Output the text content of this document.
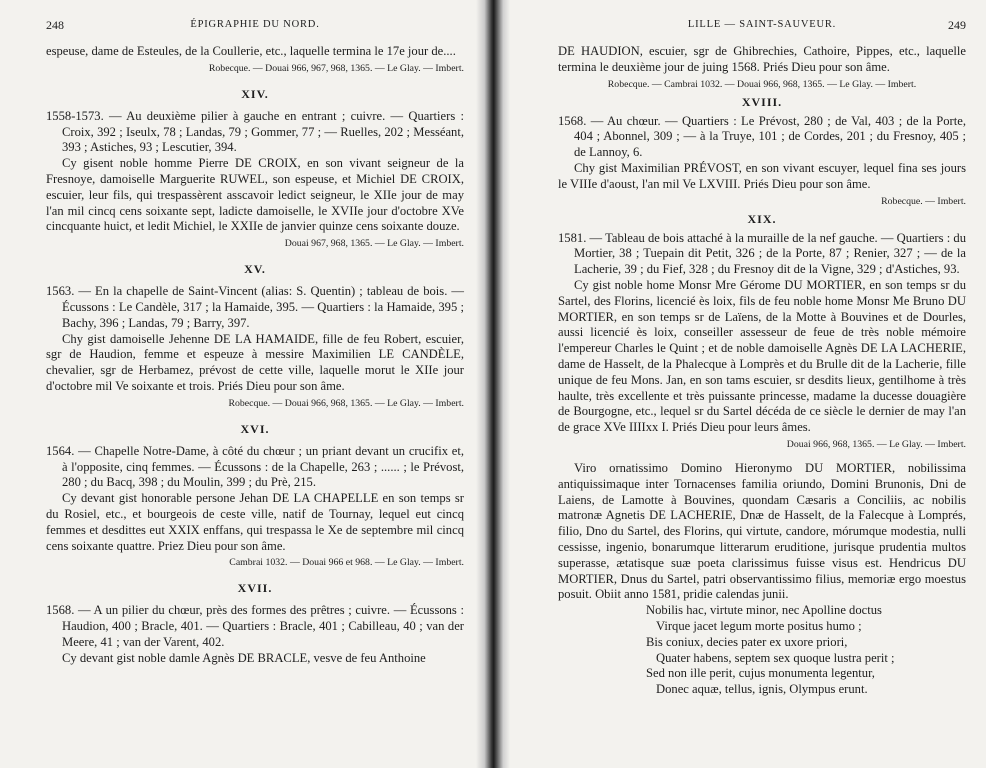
248	ÉPIGRAPHIE DU NORD.

espeuse, dame de Esteules, de la Coullerie, etc., laquelle termina le 17e jour de....

Robecque. — Douai 966, 967, 968, 1365. — Le Glay. — Imbert.

XIV.

1558-1573. — Au deuxième pilier à gauche en entrant ; cuivre. — Quartiers : Croix, 392 ; Iseulx, 78 ; Landas, 79 ; Gommer, 77 ; — Ruelles, 202 ; Messéant, 393 ; Astiches, 93 ; Lescutier, 394.

Cy gisent noble homme Pierre DE CROIX, en son vivant seigneur de la Fresnoye, damoiselle Marguerite RUWEL, son espeuse, et Michiel DE CROIX, escuier, leur fils, qui trespassèrent asscavoir ledict seigneur, le XIIe jour de may l'an mil cincq cens soixante sept, ladicte damoiselle, le XVIIe jour d'octobre XVe cincquante huict, et ledit Michiel, le XXIIe de janvier quinze cens soixante douze.

Douai 967, 968, 1365. — Le Glay. — Imbert.

XV.

1563. — En la chapelle de Saint-Vincent (alias: S. Quentin) ; tableau de bois. — Écussons : Le Candèle, 317 ; la Hamaide, 395. — Quartiers : la Hamaide, 395 ; Bachy, 396 ; Landas, 79 ; Barry, 397.

Chy gist damoiselle Jehenne DE LA HAMAIDE, fille de feu Robert, escuier, sgr de Haudion, femme et espeuze à messire Maximilien LE CANDÈLE, chevalier, sgr de Herbamez, prévost de cette ville, laquelle morut le XIIe jour d'octobre mil Ve soixante et trois. Priés Dieu pour son âme.

Robecque. — Douai 966, 968, 1365. — Le Glay. — Imbert.

XVI.

1564. — Chapelle Notre-Dame, à côté du chœur ; un priant devant un crucifix et, à l'opposite, cinq femmes. — Écussons : de la Chapelle, 263 ; ...... ; le Prévost, 280 ; du Bacq, 398 ; du Moulin, 399 ; du Prè, 215.

Cy devant gist honorable persone Jehan DE LA CHAPELLE en son temps sr du Rosiel, etc., et bourgeois de ceste ville, natif de Tournay, lequel eut cincq femmes et desdittes eut XXIX enffans, qui trespassa le Xe de septembre mil cincq cens soixante quattre. Priez Dieu pour son âme.

Cambrai 1032. — Douai 966 et 968. — Le Glay. — Imbert.

XVII.

1568. — A un pilier du chœur, près des formes des prêtres ; cuivre. — Écussons : Haudion, 400 ; Bracle, 401. — Quartiers : Bracle, 401 ; Cabilleau, 40 ; van der Meere, 41 ; van der Varent, 402.

Cy devant gist noble damle Agnès DE BRACLE, vesve de feu Anthoine

LILLE — SAINT-SAUVEUR.	249

DE HAUDION, escuier, sgr de Ghibrechies, Cathoire, Pippes, etc., laquelle termina le deuxième jour de juing 1568. Priés Dieu pour son âme.

Robecque. — Cambrai 1032. — Douai 966, 968, 1365. — Le Glay. — Imbert.

XVIII.

1568. — Au chœur. — Quartiers : Le Prévost, 280 ; de Val, 403 ; de la Porte, 404 ; Abonnel, 309 ; — à la Truye, 101 ; de Cordes, 201 ; du Fresnoy, 405 ; de Lannoy, 6.

Chy gist Maximilian PRÉVOST, en son vivant escuyer, lequel fina ses jours le VIIIe d'aoust, l'an mil Ve LXVIII. Priés Dieu pour son âme.

Robecque. — Imbert.

XIX.

1581. — Tableau de bois attaché à la muraille de la nef gauche. — Quartiers : du Mortier, 38 ; Tuepain dit Petit, 326 ; de la Porte, 87 ; Renier, 327 ; — de la Lacherie, 39 ; du Fief, 328 ; du Fresnoy dit de la Vigne, 329 ; d'Astiches, 93.

Cy gist noble home Monsr Mre Gérome DU MORTIER, en son temps sr du Sartel, des Florins, licencié ès loix, fils de feu noble home Monsr Me Bruno DU MORTIER, en son temps sr de Laïens, de la Motte à Bouvines et de Dourles, aussi licencié ès loix, conseiller assesseur de feue de très noble mémoire l'empereur Charles le Quint ; et de noble damoiselle Agnès DE LA LACHERIE, dame de Hasselt, de la Phalecque à Lomprès et du Brulle dit de la Lacherie, fille unique de feu Mons. Jan, en son tams escuier, sr desdits lieux, gentilhome à très haulte, très excellente et très puissante princesse, madame la ducesse douagière de Bourgogne, etc., lequel sr du Sartel décéda de ce siècle le dernier de may l'an de grace XVe IIIIxx I. Priés Dieu pour leurs âmes.

Douai 966, 968, 1365. — Le Glay. — Imbert.

Viro ornatissimo Domino Hieronymo DU MORTIER, nobilissima antiquissimaque inter Tornacenses familia oriundo, Domini Brunonis, Dni de Laiens, de Lamotte à Bouvines, quondam Cæsaris a Conciliis, ac nobilis matronæ Agnetis DE LACHERIE, Dnæ de Hasselt, de la Falecque à Lomprés, filio, Dno du Sartel, des Florins, qui virtute, candore, mórumque modestia, nulli cessisse, ingenio, bonarumque litterarum eruditione, jurisque prudentia multos superasse, ætatisque suæ poeta clarissimus fuisse visus est. Hendricus DU MORTIER, Dnus du Sartel, patri observantissimo filius, memoriæ ergo moestus posuit. Obiit anno 1581, pridie calendas junii.

Nobilis hac, virtute minor, nec Apolline doctus
Virque jacet legum morte positus humo ;
Bis coniux, decies pater ex uxore priori,
Quater habens, septem sex quoque lustra perit ;
Sed non ille perit, cujus monumenta legentur,
Donec aquæ, tellus, ignis, Olympus erunt.
